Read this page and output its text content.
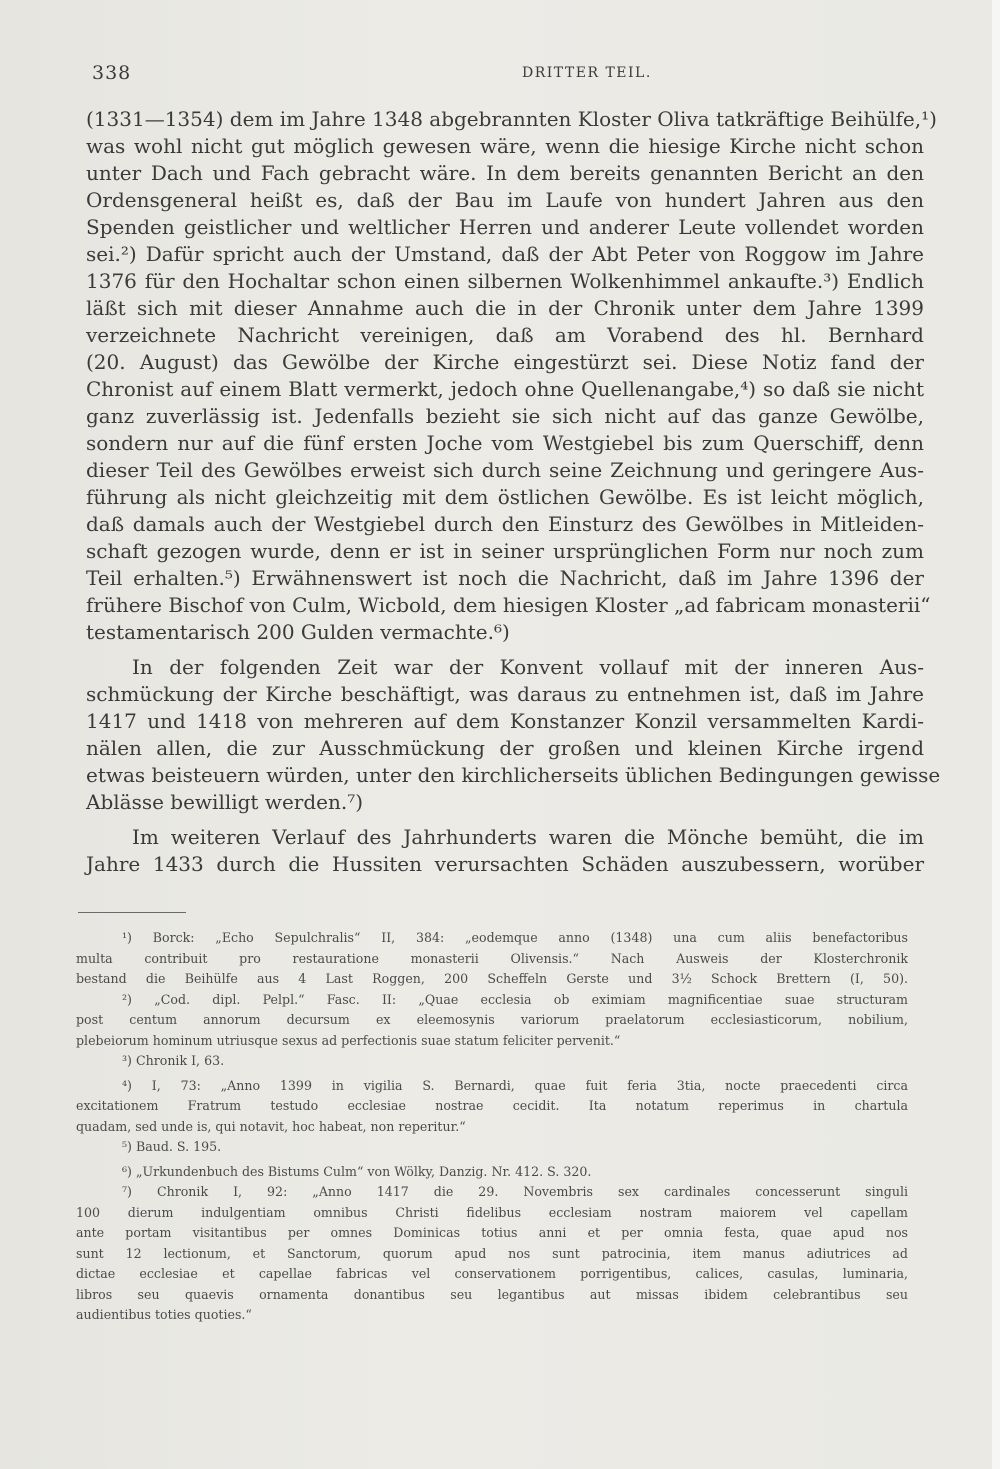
338	DRITTER TEIL.
(1331—1354) dem im Jahre 1348 abgebrannten Kloster Oliva tatkräftige Beihülfe,¹)
was wohl nicht gut möglich gewesen wäre, wenn die hiesige Kirche nicht schon
unter Dach und Fach gebracht wäre. In dem bereits genannten Bericht an den
Ordensgeneral heißt es, daß der Bau im Laufe von hundert Jahren aus den
Spenden geistlicher und weltlicher Herren und anderer Leute vollendet worden
sei.²) Dafür spricht auch der Umstand, daß der Abt Peter von Roggow im Jahre
1376 für den Hochaltar schon einen silbernen Wolkenhimmel ankaufte.³) Endlich
läßt sich mit dieser Annahme auch die in der Chronik unter dem Jahre 1399
verzeichnete Nachricht vereinigen, daß am Vorabend des hl. Bernhard
(20. August) das Gewölbe der Kirche eingestürzt sei. Diese Notiz fand der
Chronist auf einem Blatt vermerkt, jedoch ohne Quellenangabe,⁴) so daß sie nicht
ganz zuverlässig ist. Jedenfalls bezieht sie sich nicht auf das ganze Gewölbe,
sondern nur auf die fünf ersten Joche vom Westgiebel bis zum Querschiff, denn
dieser Teil des Gewölbes erweist sich durch seine Zeichnung und geringere Aus-
führung als nicht gleichzeitig mit dem östlichen Gewölbe. Es ist leicht möglich,
daß damals auch der Westgiebel durch den Einsturz des Gewölbes in Mitleiden-
schaft gezogen wurde, denn er ist in seiner ursprünglichen Form nur noch zum
Teil erhalten.⁵) Erwähnenswert ist noch die Nachricht, daß im Jahre 1396 der
frühere Bischof von Culm, Wicbold, dem hiesigen Kloster „ad fabricam monasterii“
testamentarisch 200 Gulden vermachte.⁶)
In der folgenden Zeit war der Konvent vollauf mit der inneren Aus-
schmückung der Kirche beschäftigt, was daraus zu entnehmen ist, daß im Jahre
1417 und 1418 von mehreren auf dem Konstanzer Konzil versammelten Kardi-
nälen allen, die zur Ausschmückung der großen und kleinen Kirche irgend
etwas beisteuern würden, unter den kirchlicherseits üblichen Bedingungen gewisse
Ablässe bewilligt werden.⁷)
Im weiteren Verlauf des Jahrhunderts waren die Mönche bemüht, die im
Jahre 1433 durch die Hussiten verursachten Schäden auszubessern, worüber
¹) Borck: „Echo Sepulchralis“ II, 384: „eodemque anno (1348) una cum aliis benefactoribus
multa contribuit pro restauratione monasterii Olivensis.“ Nach Ausweis der Klosterchronik
bestand die Beihülfe aus 4 Last Roggen, 200 Scheffeln Gerste und 3½ Schock Brettern (I, 50).
²) „Cod. dipl. Pelpl.“ Fasc. II: „Quae ecclesia ob eximiam magnificentiae suae structuram
post centum annorum decursum ex eleemosynis variorum praelatorum ecclesiasticorum, nobilium,
plebeiorum hominum utriusque sexus ad perfectionis suae statum feliciter pervenit.“
³) Chronik I, 63.
⁴) I, 73: „Anno 1399 in vigilia S. Bernardi, quae fuit feria 3tia, nocte praecedenti circa
excitationem Fratrum testudo ecclesiae nostrae cecidit. Ita notatum reperimus in chartula
quadam, sed unde is, qui notavit, hoc habeat, non reperitur.“
⁵) Baud. S. 195.
⁶) „Urkundenbuch des Bistums Culm“ von Wölky, Danzig. Nr. 412. S. 320.
⁷) Chronik I, 92: „Anno 1417 die 29. Novembris sex cardinales concesserunt singuli
100 dierum indulgentiam omnibus Christi fidelibus ecclesiam nostram maiorem vel capellam
ante portam visitantibus per omnes Dominicas totius anni et per omnia festa, quae apud nos
sunt 12 lectionum, et Sanctorum, quorum apud nos sunt patrocinia, item manus adiutrices ad
dictae ecclesiae et capellae fabricas vel conservationem porrigentibus, calices, casulas, luminaria,
libros seu quaevis ornamenta donantibus seu legantibus aut missas ibidem celebrantibus seu
audientibus toties quoties.“
